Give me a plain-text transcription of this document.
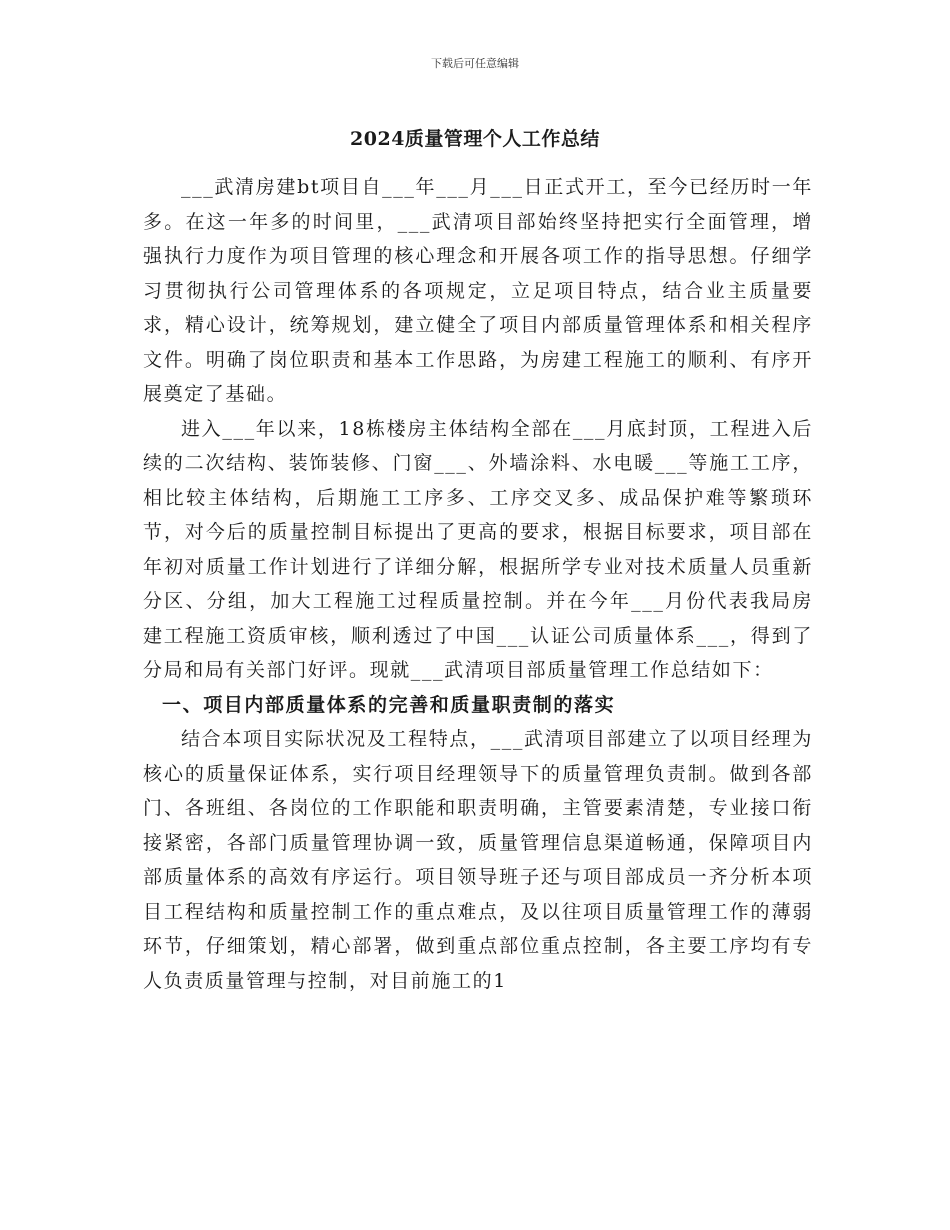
下载后可任意编辑
2024质量管理个人工作总结

___武清房建bt项目自___年___月___日正式开工，至今已经历时一年多。在这一年多的时间里，___武清项目部始终坚持把实行全面管理，增强执行力度作为项目管理的核心理念和开展各项工作的指导思想。仔细学习贯彻执行公司管理体系的各项规定，立足项目特点，结合业主质量要求，精心设计，统筹规划，建立健全了项目内部质量管理体系和相关程序文件。明确了岗位职责和基本工作思路，为房建工程施工的顺利、有序开展奠定了基础。

进入___年以来，18栋楼房主体结构全部在___月底封顶，工程进入后续的二次结构、装饰装修、门窗___、外墙涂料、水电暖___等施工工序，相比较主体结构，后期施工工序多、工序交叉多、成品保护难等繁琐环节，对今后的质量控制目标提出了更高的要求，根据目标要求，项目部在年初对质量工作计划进行了详细分解，根据所学专业对技术质量人员重新分区、分组，加大工程施工过程质量控制。并在今年___月份代表我局房建工程施工资质审核，顺利透过了中国___认证公司质量体系___，得到了分局和局有关部门好评。现就___武清项目部质量管理工作总结如下：

一、项目内部质量体系的完善和质量职责制的落实

结合本项目实际状况及工程特点，___武清项目部建立了以项目经理为核心的质量保证体系，实行项目经理领导下的质量管理负责制。做到各部门、各班组、各岗位的工作职能和职责明确，主管要素清楚，专业接口衔接紧密，各部门质量管理协调一致，质量管理信息渠道畅通，保障项目内部质量体系的高效有序运行。项目领导班子还与项目部成员一齐分析本项目工程结构和质量控制工作的重点难点，及以往项目质量管理工作的薄弱环节，仔细策划，精心部署，做到重点部位重点控制，各主要工序均有专人负责质量管理与控制，对目前施工的1
